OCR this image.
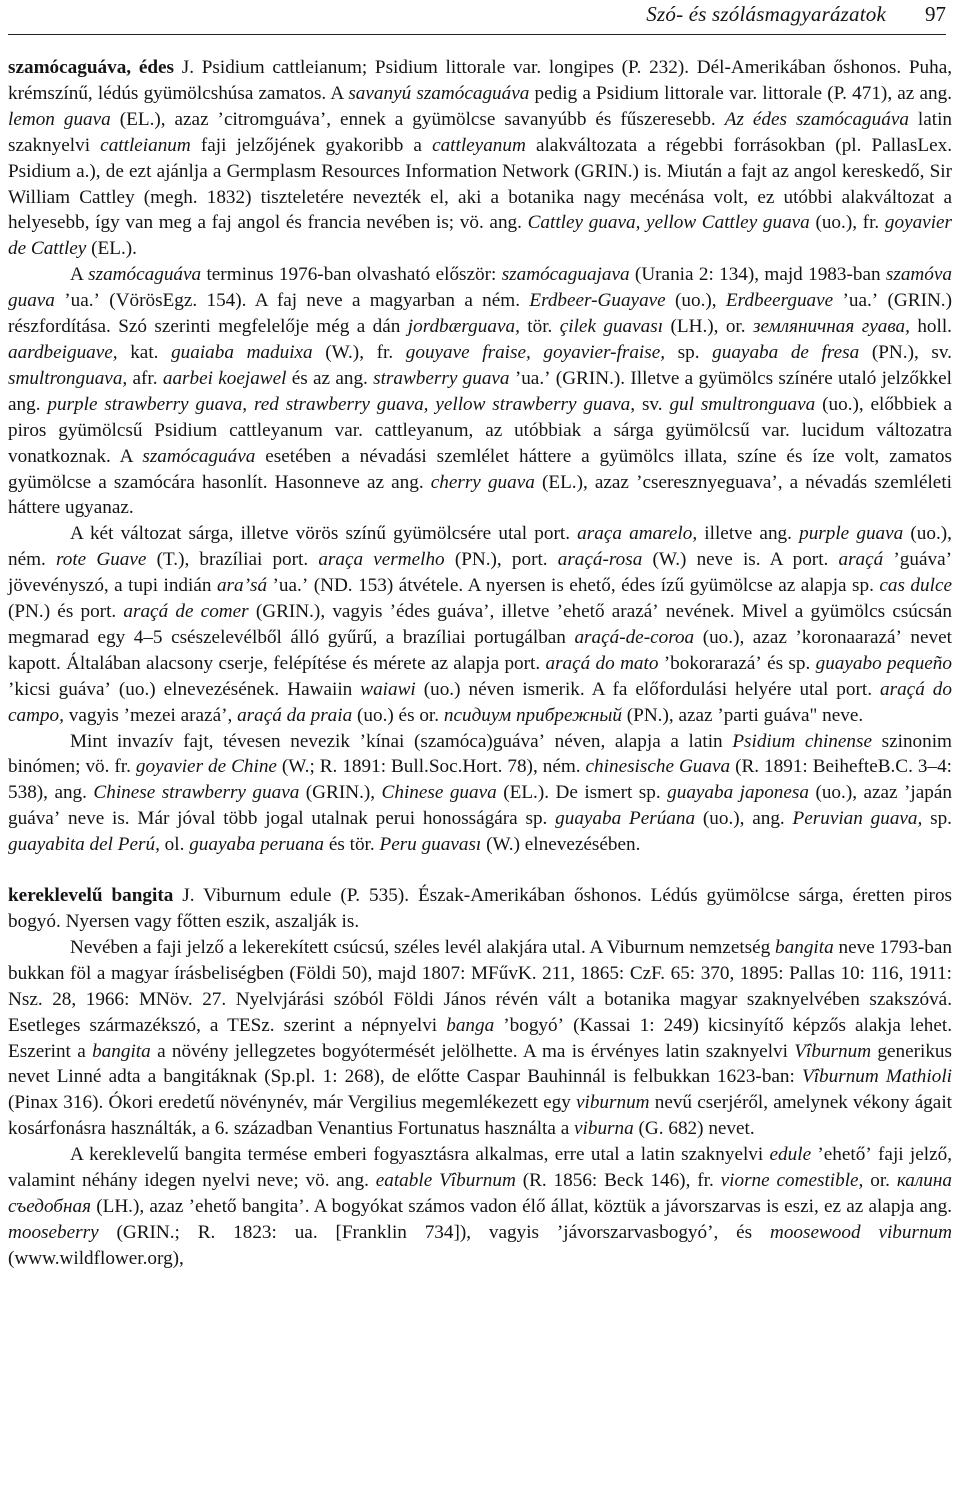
Szó- és szólásmagyarázatok 97

szamócaguáva, édes J. Psidium cattleianum; Psidium littorale var. longipes (P. 232). Dél-Amerikában őshonos. Puha, krémszínű, lédús gyümölcshúsa zamatos. A savanyú szamócaguáva pedig a Psidium littorale var. littorale (P. 471), az ang. lemon guava (EL.), azaz ʼcitromguávaʼ, ennek a gyümölcse savanyúbb és fűszeresebb. Az édes szamócaguáva latin szaknyelvi cattleianum faji jelzőjének gyakoribb a cattleyanum alakváltozata a régebbi forrásokban (pl. PallasLex. Psidium a.), de ezt ajánlja a Germplasm Resources Information Network (GRIN.) is. Miután a fajt az angol kereskedő, Sir William Cattley (megh. 1832) tiszteletére nevezték el, aki a botanika nagy mecénása volt, ez utóbbi alakváltozat a helyesebb, így van meg a faj angol és francia nevében is; vö. ang. Cattley guava, yellow Cattley guava (uo.), fr. goyavier de Cattley (EL.).

A szamócaguáva terminus 1976-ban olvasható először: szamócaguajava (Urania 2: 134), majd 1983-ban szamóva guava ʼua.ʼ (VörösEgz. 154). A faj neve a magyarban a ném. Erdbeer-Guayave (uo.), Erdbeerguave ʼua.ʼ (GRIN.) részfordítása. Szó szerinti megfelelője még a dán jordbærguava, tör. çilek guavası (LH.), or. земляничная гуава, holl. aardbeiguave, kat. guaiaba maduixa (W.), fr. gouyave fraise, goyavier-fraise, sp. guayaba de fresa (PN.), sv. smultronguava, afr. aarbei koejawel és az ang. strawberry guava ʼua.ʼ (GRIN.). Illetve a gyümölcs színére utaló jelzőkkel ang. purple strawberry guava, red strawberry guava, yellow strawberry guava, sv. gul smultronguava (uo.), előbbiek a piros gyümölcsű Psidium cattleyanum var. cattleyanum, az utóbbiak a sárga gyümölcsű var. lucidum változatra vonatkoznak. A szamócaguáva esetében a névadási szemlélet háttere a gyümölcs illata, színe és íze volt, zamatos gyümölcse a szamócára hasonlít. Hasonneve az ang. cherry guava (EL.), azaz ʼcseresznyeguavaʼ, a névadás szemléleti háttere ugyanaz.

A két változat sárga, illetve vörös színű gyümölcsére utal port. araça amarelo, illetve ang. purple guava (uo.), ném. rote Guave (T.), brazíliai port. araça vermelho (PN.), port. araçá-rosa (W.) neve is. A port. araçá ʼguávaʼ jövevényszó, a tupi indián araʼsá ʼua.ʼ (ND. 153) átvétele. A nyersen is ehető, édes ízű gyümölcse az alapja sp. cas dulce (PN.) és port. araçá de comer (GRIN.), vagyis ʼédes guávaʼ, illetve ʼehető arazáʼ nevének. Mivel a gyümölcs csúcsán megmarad egy 4–5 csészelevélből álló gyűrű, a brazíliai portugálban araçá-de-coroa (uo.), azaz ʼkoronaarazáʼ nevet kapott. Általában alacsony cserje, felépítése és mérete az alapja port. araçá do mato ʼbokorarazáʼ és sp. guayabo pequeño ʼkicsi guávaʼ (uo.) elnevezésének. Hawaiin waiawi (uo.) néven ismerik. A fa előfordulási helyére utal port. araçá do campo, vagyis ʼmezei arazáʼ, araçá da praia (uo.) és or. псидиум прибрежный (PN.), azaz ʼparti guáva" neve.

Mint invazív fajt, tévesen nevezik ʼkínai (szamóca)guávaʼ néven, alapja a latin Psidium chinense szinonim binómen; vö. fr. goyavier de Chine (W.; R. 1891: Bull.Soc.Hort. 78), ném. chinesische Guava (R. 1891: BeihefteB.C. 3–4: 538), ang. Chinese strawberry guava (GRIN.), Chinese guava (EL.). De ismert sp. guayaba japonesa (uo.), azaz ʼjapán guávaʼ neve is. Már jóval több jogal utalnak perui honosságára sp. guayaba Perúana (uo.), ang. Peruvian guava, sp. guayabita del Perú, ol. guayaba peruana és tör. Peru guavası (W.) elnevezésében.

kereklevelű bangita J. Viburnum edule (P. 535). Észak-Amerikában őshonos. Lédús gyümölcse sárga, éretten piros bogyó. Nyersen vagy főtten eszik, aszalják is.

Nevében a faji jelző a lekerekített csúcsú, széles levél alakjára utal. A Viburnum nemzetség bangita neve 1793-ban bukkan föl a magyar írásbeliségben (Földi 50), majd 1807: MFűvK. 211, 1865: CzF. 65: 370, 1895: Pallas 10: 116, 1911: Nsz. 28, 1966: MNöv. 27. Nyelvjárási szóból Földi János révén vált a botanika magyar szaknyelvében szakszóvá. Esetleges származékszó, a TESz. szerint a népnyelvi banga ʼbogyóʼ (Kassai 1: 249) kicsinyítő képzős alakja lehet. Eszerint a bangita a növény jellegzetes bogyótermését jelölhette. A ma is érvényes latin szaknyelvi Vîburnum generikus nevet Linné adta a bangitáknak (Sp.pl. 1: 268), de előtte Caspar Bauhinnál is felbukkan 1623-ban: Vîburnum Mathioli (Pinax 316). Ókori eredetű növénynév, már Vergilius megemlékezett egy viburnum nevű cserjéről, amelynek vékony ágait kosárfonásra használták, a 6. században Venantius Fortunatus használta a viburna (G. 682) nevet.

A kereklevelű bangita termése emberi fogyasztásra alkalmas, erre utal a latin szaknyelvi edule ʼehetőʼ faji jelző, valamint néhány idegen nyelvi neve; vö. ang. eatable Vîburnum (R. 1856: Beck 146), fr. viorne comestible, or. калина съедобная (LH.), azaz ʼehető bangitaʼ. A bogyókat számos vadon élő állat, köztük a jávorszarvas is eszi, ez az alapja ang. mooseberry (GRIN.; R. 1823: ua. [Franklin 734]), vagyis ʼjávorszarvasbogyóʼ, és moosewood viburnum (www.wildflower.org),
